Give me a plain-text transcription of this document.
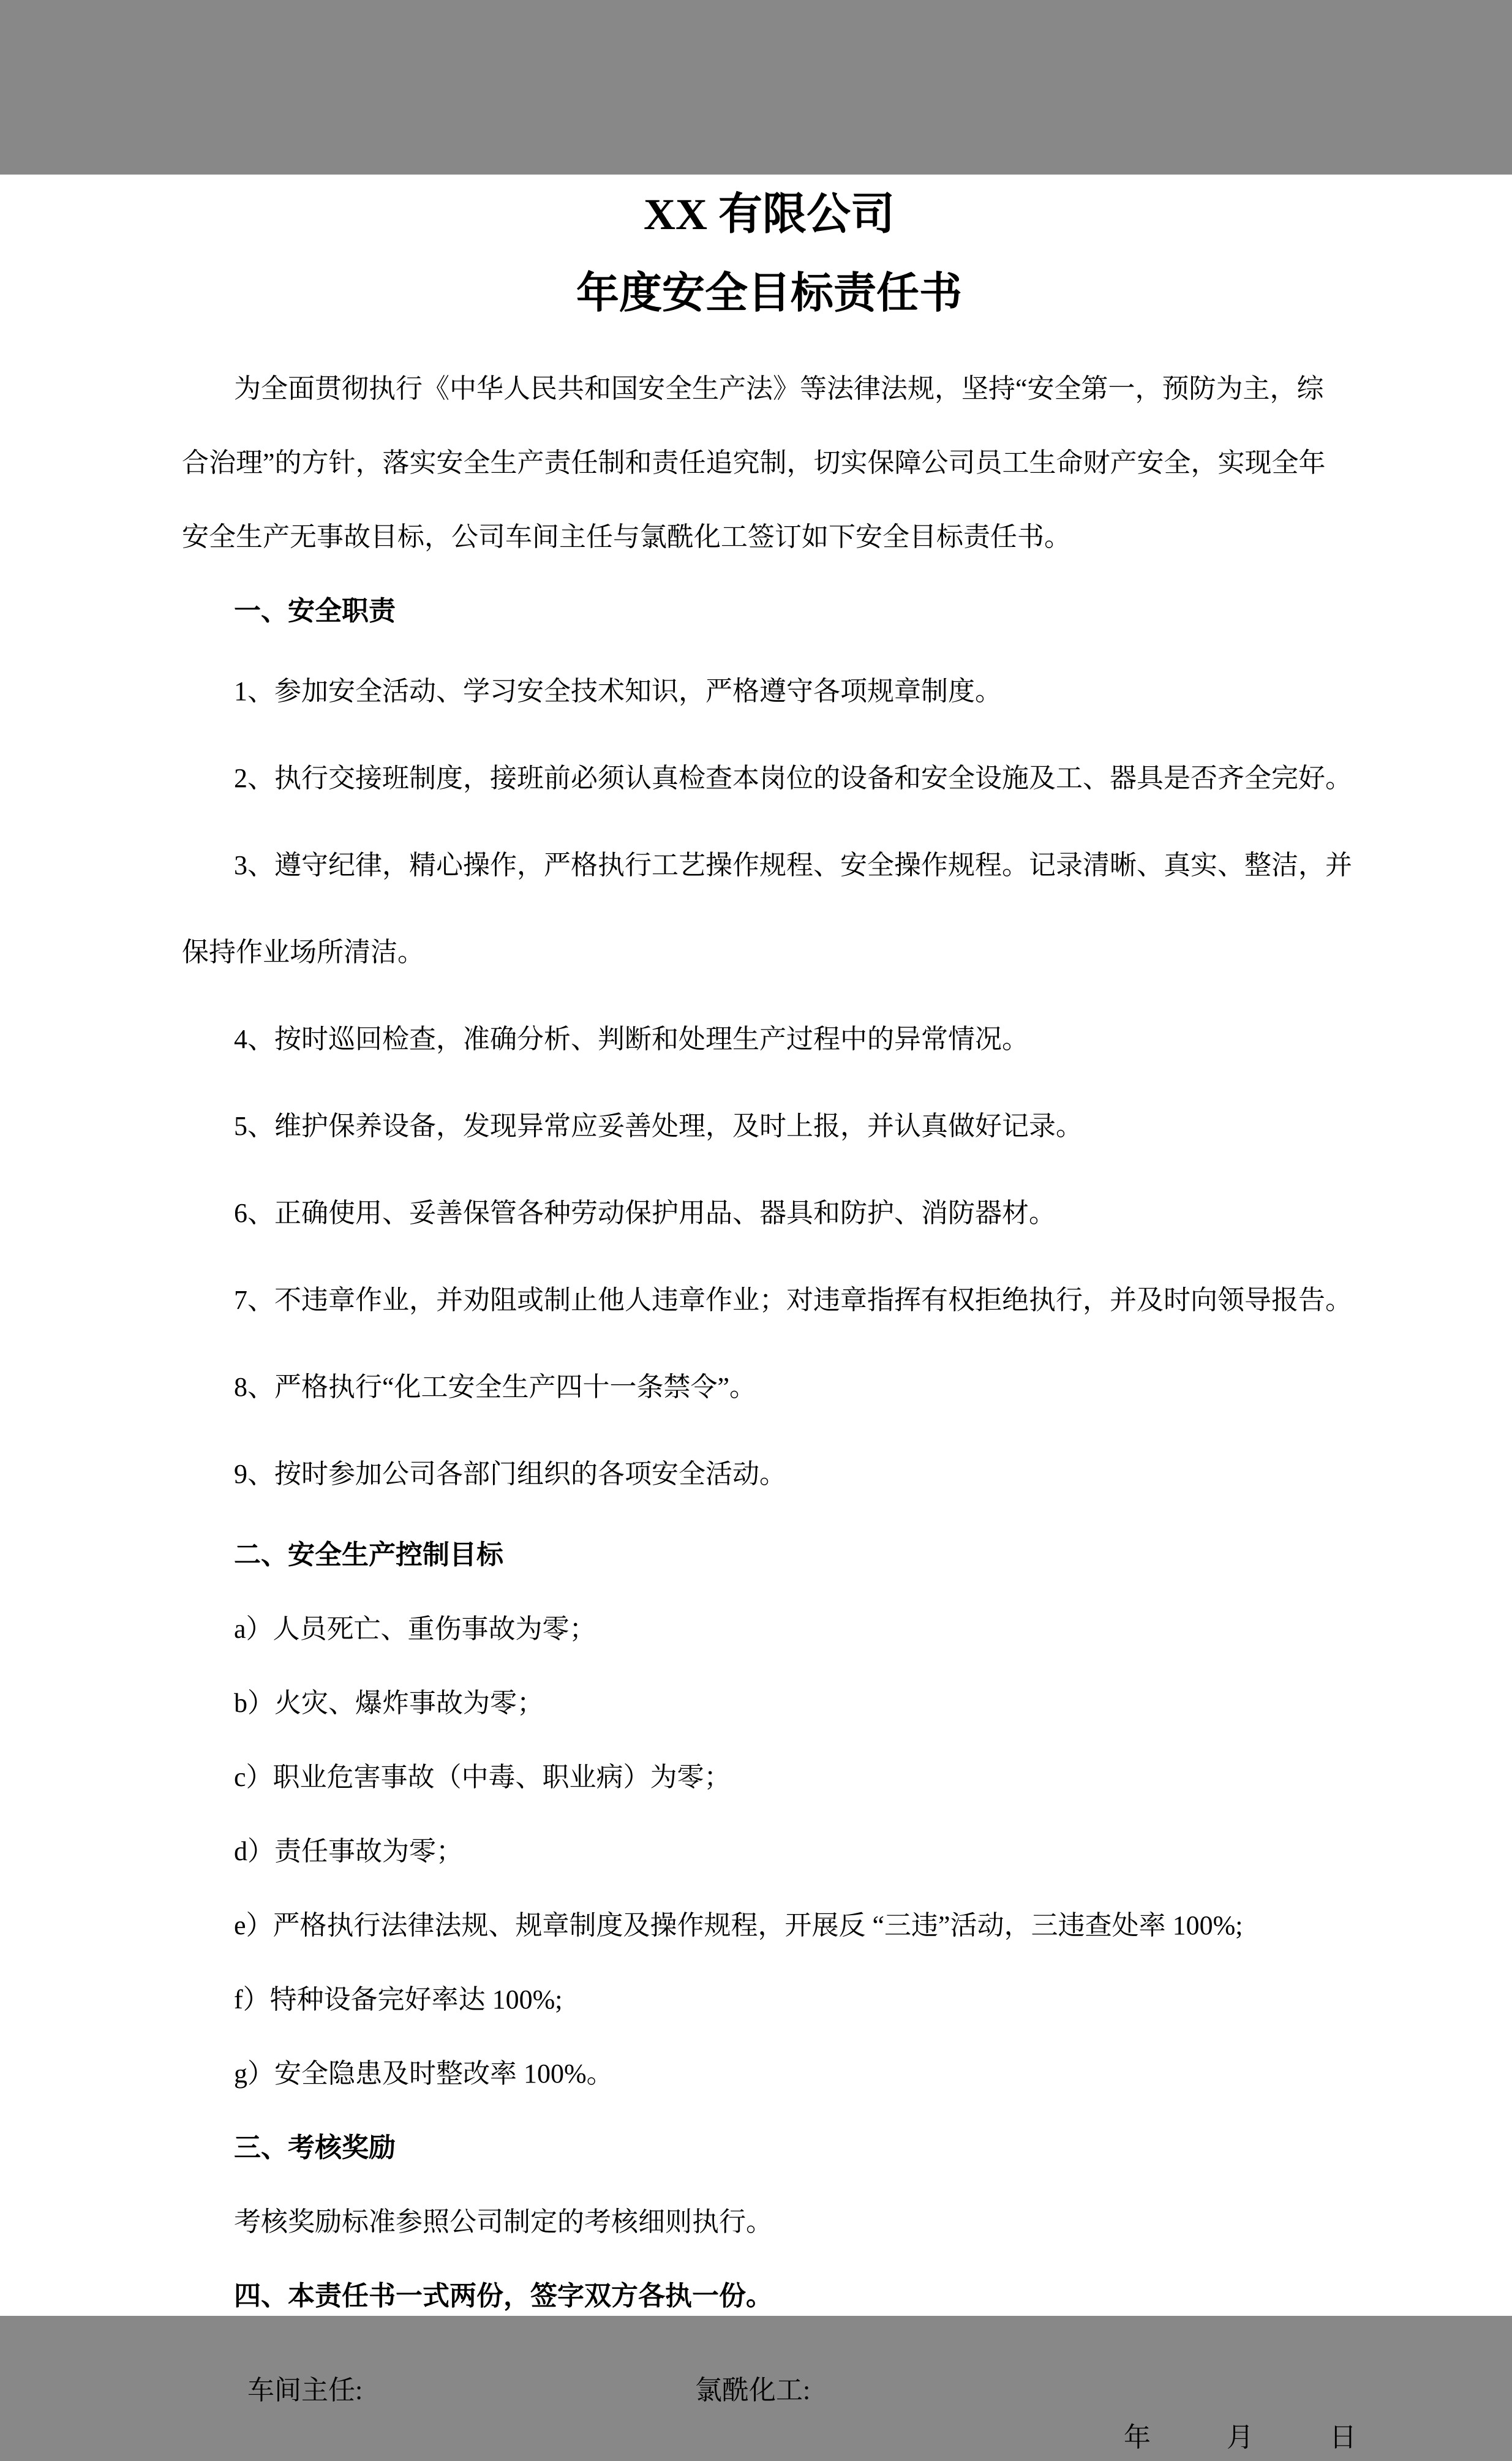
XX 有限公司
年度安全目标责任书

为全面贯彻执行《中华人民共和国安全生产法》等法律法规，坚持“安全第一，预防为主，综

合治理”的方针，落实安全生产责任制和责任追究制，切实保障公司员工生命财产安全，实现全年

安全生产无事故目标，公司车间主任与氯酰化工签订如下安全目标责任书。

一、安全职责

1、参加安全活动、学习安全技术知识，严格遵守各项规章制度。

2、执行交接班制度，接班前必须认真检查本岗位的设备和安全设施及工、器具是否齐全完好。

3、遵守纪律，精心操作，严格执行工艺操作规程、安全操作规程。记录清晰、真实、整洁，并

保持作业场所清洁。

4、按时巡回检查，准确分析、判断和处理生产过程中的异常情况。

5、维护保养设备，发现异常应妥善处理，及时上报，并认真做好记录。

6、正确使用、妥善保管各种劳动保护用品、器具和防护、消防器材。

7、不违章作业，并劝阻或制止他人违章作业；对违章指挥有权拒绝执行，并及时向领导报告。

8、严格执行“化工安全生产四十一条禁令”。

9、按时参加公司各部门组织的各项安全活动。

二、安全生产控制目标

a）人员死亡、重伤事故为零；

b）火灾、爆炸事故为零；

c）职业危害事故（中毒、职业病）为零；

d）责任事故为零；

e）严格执行法律法规、规章制度及操作规程，开展反 “三违”活动，三违查处率 100%;

f）特种设备完好率达 100%;

g）安全隐患及时整改率 100%。

三、考核奖励

考核奖励标准参照公司制定的考核细则执行。

四、本责任书一式两份，签字双方各执一份。

车间主任:	氯酰化工:
年	月	日
